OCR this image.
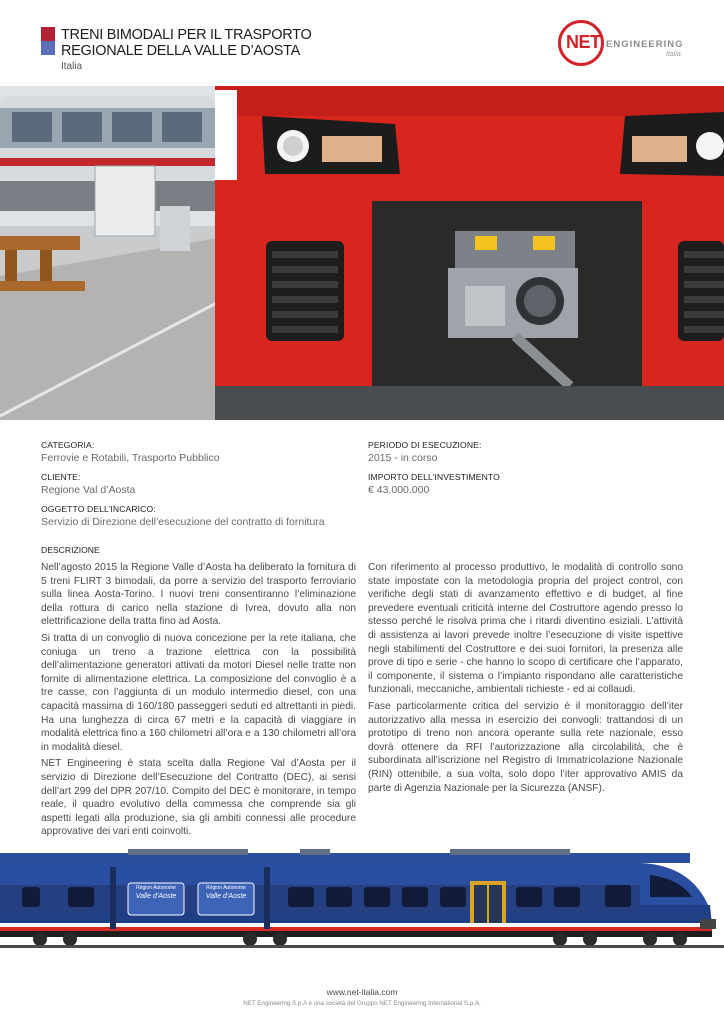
TRENI BIMODALI PER IL TRASPORTO REGIONALE DELLA VALLE D’AOSTA
Italia
NET ENGINEERING
Italia
CATEGORIA:
Ferrovie e Rotabili, Trasporto Pubblico
CLIENTE:
Regione Val d’Aosta
OGGETTO DELL’INCARICO:
Servizio di Direzione dell’esecuzione del contratto di fornitura
PERIODO DI ESECUZIONE:
2015 - in corso
IMPORTO DELL’INVESTIMENTO
€ 43.000.000
DESCRIZIONE

Nell’agosto 2015 la Regione Valle d’Aosta ha deliberato la fornitura di 5 treni FLIRT 3 bimodali, da porre a servizio del trasporto ferroviario sulla linea Aosta-Torino. I nuovi treni consentiranno l’eliminazione della rottura di carico nella stazione di Ivrea, dovuto alla non elettrificazione della tratta fino ad Aosta.

Si tratta di un convoglio di nuova concezione per la rete italiana, che coniuga un treno a trazione elettrica con la possibilità dell’alimentazione generatori attivati da motori Diesel nelle tratte non fornite di alimentazione elettrica. La composizione del convoglio è a tre casse, con l’aggiunta di un modulo intermedio diesel, con una capacità massima di 160/180 passeggeri seduti ed altrettanti in piedi. Ha una lunghezza di circa 67 metri e la capacità di viaggiare in modalità elettrica fino a 160 chilometri all’ora e a 130 chilometri all’ora in modalità diesel.

NET Engineering è stata scelta dalla Regione Val d’Aosta per il servizio di Direzione dell’Esecuzione del Contratto (DEC), ai sensi dell’art 299 del DPR 207/10. Compito del DEC è monitorare, in tempo reale, il quadro evolutivo della commessa che comprende sia gli aspetti legati alla produzione, sia gli ambiti connessi alle procedure approvative dei vari enti coinvolti.

Con riferimento al processo produttivo, le modalità di controllo sono state impostate con la metodologia propria del project control, con verifiche degli stati di avanzamento effettivo e di budget, al fine prevedere eventuali criticità interne del Costruttore agendo presso lo stesso perché le risolva prima che i ritardi diventino esiziali. L’attività di assistenza ai lavori prevede inoltre l’esecuzione di visite ispettive negli stabilimenti del Costruttore e dei suoi fornitori, la presenza alle prove di tipo e serie - che hanno lo scopo di certificare che l’apparato, il componente, il sistema o l’impianto rispondano alle caratteristiche funzionali, meccaniche, ambientali richieste - ed ai collaudi.

Fase particolarmente critica del servizio è il monitoraggio dell’iter autorizzativo alla messa in esercizio dei convogli: trattandosi di un prototipo di treno non ancora operante sulla rete nazionale, esso dovrà ottenere da RFI l’autorizzazione alla circolabilità, che è subordinata all’iscrizione nel Registro di Immatricolazione Nazionale (RIN) ottenibile, a sua volta, solo dopo l’iter approvativo AMIS da parte di Agenzia Nazionale per la Sicurezza (ANSF).

Région Autonome
Valle d’Aoste
Région Autonome
Valle d’Aoste
www.net-italia.com
NET Engineering S.p.A è una società del Gruppo NET Engineering International S.p.A.
